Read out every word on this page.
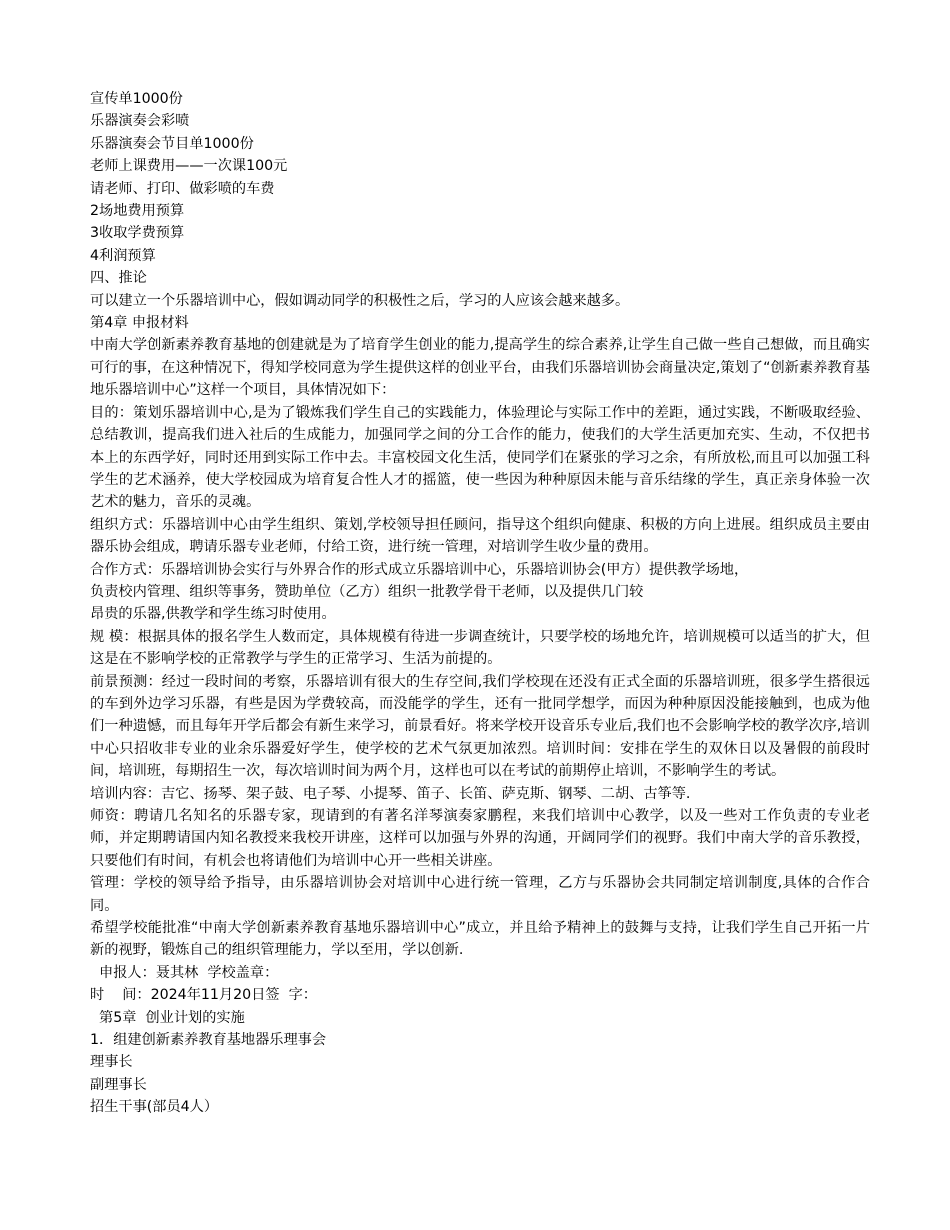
宣传单1000份
乐器演奏会彩喷
乐器演奏会节目单1000份
老师上课费用——一次课100元
请老师、打印、做彩喷的车费
2场地费用预算
3收取学费预算
4利润预算
四、推论
可以建立一个乐器培训中心，假如调动同学的积极性之后，学习的人应该会越来越多。
第4章 申报材料
中南大学创新素养教育基地的创建就是为了培育学生创业的能力,提高学生的综合素养,让学生自己做一些自己想做，而且确实可行的事，在这种情况下，得知学校同意为学生提供这样的创业平台，由我们乐器培训协会商量决定,策划了“创新素养教育基地乐器培训中心”这样一个项目，具体情况如下：
目的：策划乐器培训中心,是为了锻炼我们学生自己的实践能力，体验理论与实际工作中的差距，通过实践，不断吸取经验、总结教训，提高我们进入社后的生成能力，加强同学之间的分工合作的能力，使我们的大学生活更加充实、生动，不仅把书本上的东西学好，同时还用到实际工作中去。丰富校园文化生活，使同学们在紧张的学习之余，有所放松,而且可以加强工科学生的艺术涵养，使大学校园成为培育复合性人才的摇篮，使一些因为种种原因未能与音乐结缘的学生，真正亲身体验一次艺术的魅力，音乐的灵魂。
组织方式：乐器培训中心由学生组织、策划,学校领导担任顾问，指导这个组织向健康、积极的方向上进展。组织成员主要由器乐协会组成，聘请乐器专业老师，付给工资，进行统一管理，对培训学生收少量的费用。
合作方式：乐器培训协会实行与外界合作的形式成立乐器培训中心，乐器培训协会(甲方）提供教学场地，
负责校内管理、组织等事务，赞助单位（乙方）组织一批教学骨干老师，以及提供几门较
昂贵的乐器,供教学和学生练习时使用。
规 模：根据具体的报名学生人数而定，具体规模有待进一步调查统计，只要学校的场地允许，培训规模可以适当的扩大，但这是在不影响学校的正常教学与学生的正常学习、生活为前提的。
前景预测：经过一段时间的考察，乐器培训有很大的生存空间,我们学校现在还没有正式全面的乐器培训班，很多学生搭很远的车到外边学习乐器，有些是因为学费较高，而没能学的学生，还有一批同学想学，而因为种种原因没能接触到，也成为他们一种遗憾，而且每年开学后都会有新生来学习，前景看好。将来学校开设音乐专业后,我们也不会影响学校的教学次序,培训中心只招收非专业的业余乐器爱好学生，使学校的艺术气氛更加浓烈。培训时间：安排在学生的双休日以及暑假的前段时间，培训班，每期招生一次，每次培训时间为两个月，这样也可以在考试的前期停止培训，不影响学生的考试。
培训内容：吉它、扬琴、架子鼓、电子琴、小提琴、笛子、长笛、萨克斯、钢琴、二胡、古筝等.
师资：聘请几名知名的乐器专家，现请到的有著名洋琴演奏家鹏程，来我们培训中心教学，以及一些对工作负责的专业老师，并定期聘请国内知名教授来我校开讲座，这样可以加强与外界的沟通，开阔同学们的视野。我们中南大学的音乐教授，只要他们有时间，有机会也将请他们为培训中心开一些相关讲座。
管理：学校的领导给予指导，由乐器培训协会对培训中心进行统一管理，乙方与乐器协会共同制定培训制度,具体的合作合同。
希望学校能批准“中南大学创新素养教育基地乐器培训中心”成立，并且给予精神上的鼓舞与支持，让我们学生自己开拓一片新的视野，锻炼自己的组织管理能力，学以至用，学以创新.
申报人：聂其林  学校盖章：
时    间：2024年11月20日签  字：
第5章  创业计划的实施
1．组建创新素养教育基地器乐理事会
理事长
副理事长
招生干事(部员4人）
